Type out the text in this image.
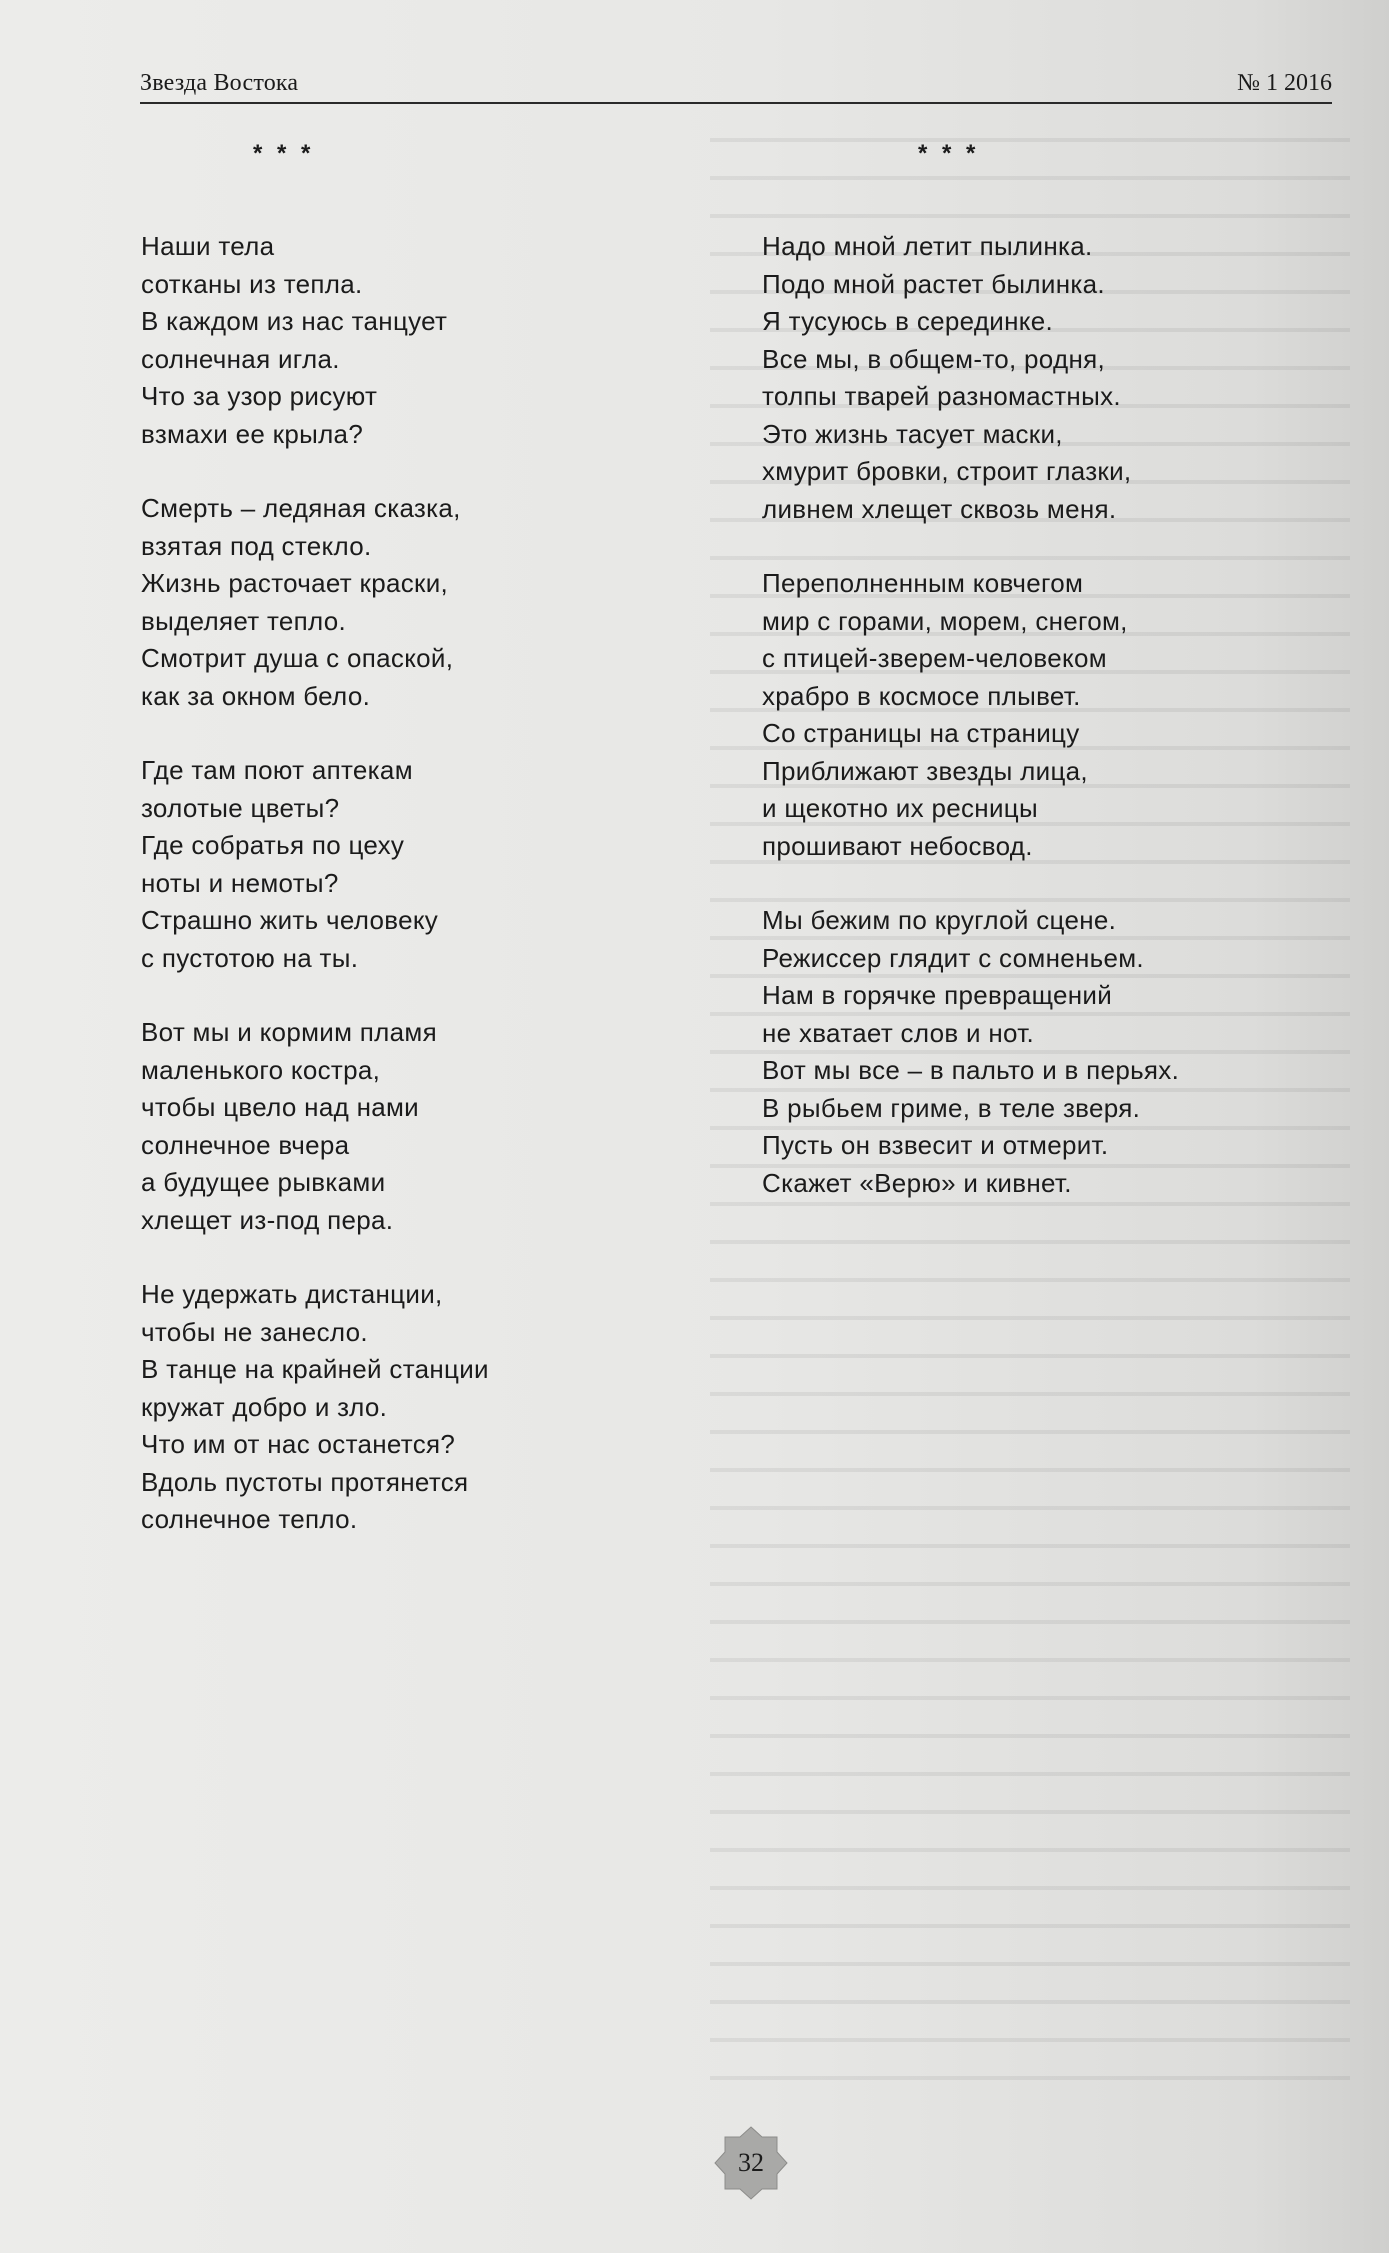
Звезда Востока	№ 1 2016
* * *
Наши тела
сотканы из тепла.
В каждом из нас танцует
солнечная игла.
Что за узор рисуют
взмахи ее крыла?
Смерть – ледяная сказка,
взятая под стекло.
Жизнь расточает краски,
выделяет тепло.
Смотрит душа с опаской,
как за окном бело.
Где там поют аптекам
золотые цветы?
Где собратья по цеху
ноты и немоты?
Страшно жить человеку
с пустотою на ты.
Вот мы и кормим пламя
маленького костра,
чтобы цвело над нами
солнечное вчера
а будущее рывками
хлещет из-под пера.
Не удержать дистанции,
чтобы не занесло.
В танце на крайней станции
кружат добро и зло.
Что им от нас останется?
Вдоль пустоты протянется
солнечное тепло.
* * *
Надо мной летит пылинка.
Подо мной растет былинка.
Я тусуюсь в серединке.
Все мы, в общем-то, родня,
толпы тварей разномастных.
Это жизнь тасует маски,
хмурит бровки, строит глазки,
ливнем хлещет сквозь меня.
Переполненным ковчегом
мир с горами, морем, снегом,
с птицей-зверем-человеком
храбро в космосе плывет.
Со страницы на страницу
Приближают звезды лица,
и щекотно их ресницы
прошивают небосвод.
Мы бежим по круглой сцене.
Режиссер глядит с сомненьем.
Нам в горячке превращений
не хватает слов и нот.
Вот мы все – в пальто и в перьях.
В рыбьем гриме, в теле зверя.
Пусть он взвесит и отмерит.
Скажет «Верю» и кивнет.
32
